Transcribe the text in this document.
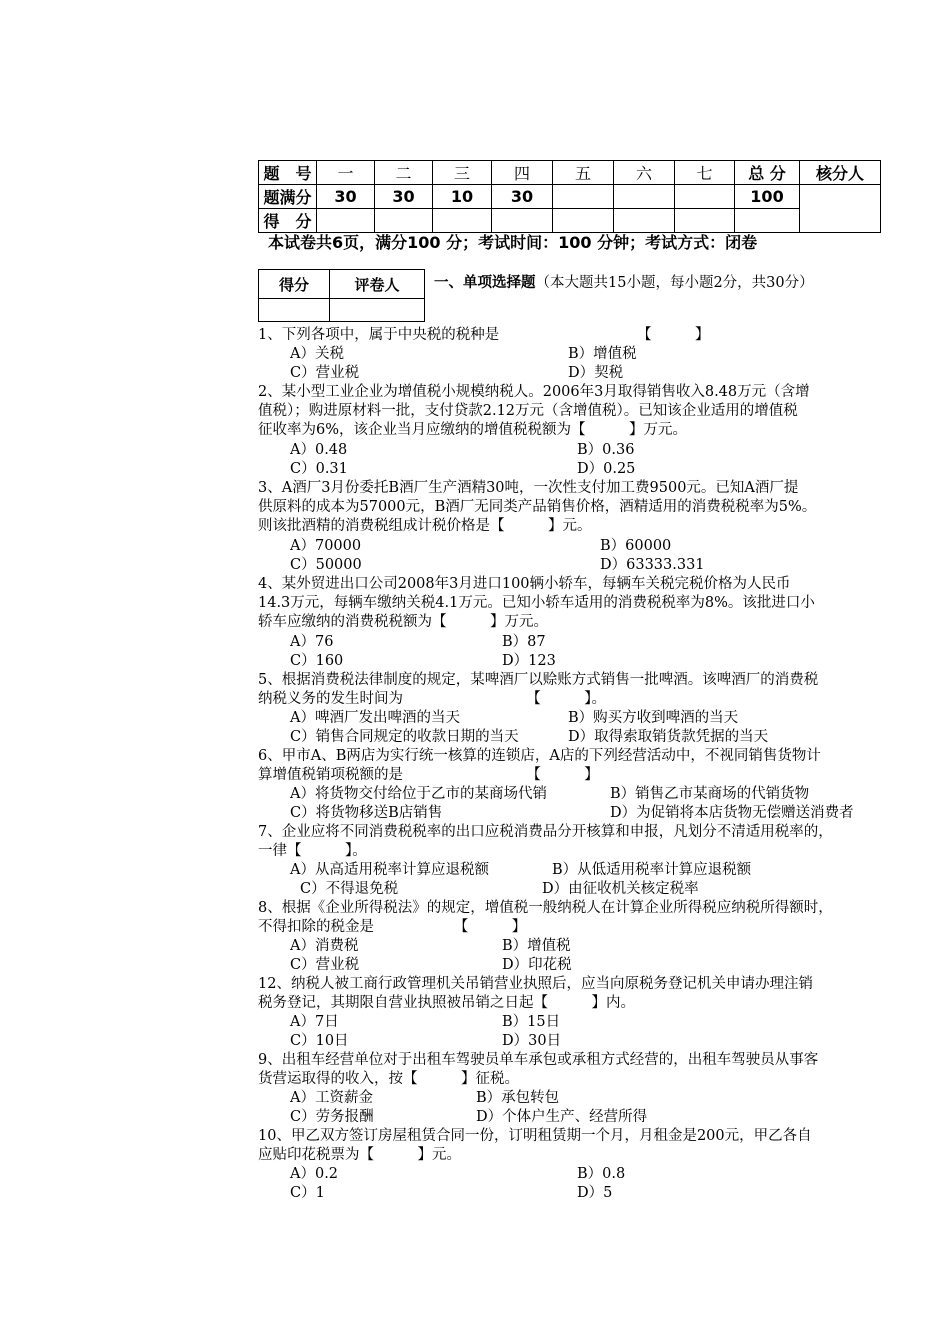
题　号	一	二	三	四	五	六	七	总 分	核分人
题满分	30	30	10	30				100	
得　分									
本试卷共6页，满分100 分；考试时间：100 分钟；考试方式：闭卷
得分	评卷人
	一、单项选择题（本大题共15小题，每小题2分，共30分）
1、下列各项中，属于中央税的税种是　　　　　　　　　　【　　　】
A）关税	B）增值税
C）营业税	D）契税
2、某小型工业企业为增值税小规模纳税人。2006年3月取得销售收入8.48万元（含增
值税）；购进原材料一批，支付贷款2.12万元（含增值税）。已知该企业适用的增值税
征收率为6%，该企业当月应缴纳的增值税税额为【　　　】万元。
A）0.48	B）0.36
C）0.31	D）0.25
3、A酒厂3月份委托B酒厂生产酒精30吨，一次性支付加工费9500元。已知A酒厂提
供原料的成本为57000元，B酒厂无同类产品销售价格，酒精适用的消费税税率为5%。
则该批酒精的消费税组成计税价格是【　　　】元。
A）70000	B）60000
C）50000	D）63333.331
4、某外贸进出口公司2008年3月进口100辆小轿车，每辆车关税完税价格为人民币
14.3万元，每辆车缴纳关税4.1万元。已知小轿车适用的消费税税率为8%。该批进口小
轿车应缴纳的消费税税额为【　　　】万元。
A）76	B）87
C）160	D）123
5、根据消费税法律制度的规定，某啤酒厂以赊账方式销售一批啤酒。该啤酒厂的消费税
纳税义务的发生时间为　　　　　　　　　【　　　】。
A）啤酒厂发出啤酒的当天	B）购买方收到啤酒的当天
C）销售合同规定的收款日期的当天	D）取得索取销货款凭据的当天
6、甲市A、B两店为实行统一核算的连锁店，A店的下列经营活动中，不视同销售货物计
算增值税销项税额的是　　　　　　　　　【　　　】
A）将货物交付给位于乙市的某商场代销	B）销售乙市某商场的代销货物
C）将货物移送B店销售	D）为促销将本店货物无偿赠送消费者
7、企业应将不同消费税税率的出口应税消费品分开核算和申报，凡划分不清适用税率的，
一律【　　　】。
A）从高适用税率计算应退税额	B）从低适用税率计算应退税额
C）不得退免税	D）由征收机关核定税率
8、根据《企业所得税法》的规定，增值税一般纳税人在计算企业所得税应纳税所得额时，
不得扣除的税金是　　　　　　【　　　】
A）消费税	B）增值税
C）营业税	D）印花税
12、纳税人被工商行政管理机关吊销营业执照后，应当向原税务登记机关申请办理注销
税务登记，其期限自营业执照被吊销之日起【　　　】内。
A）7日	B）15日
C）10日	D）30日
9、出租车经营单位对于出租车驾驶员单车承包或承租方式经营的，出租车驾驶员从事客
货营运取得的收入，按【　　　】征税。
A）工资薪金	B）承包转包
C）劳务报酬	D）个体户生产、经营所得
10、甲乙双方签订房屋租赁合同一份，订明租赁期一个月，月租金是200元，甲乙各自
应贴印花税票为【　　　】元。
A）0.2	B）0.8
C）1	D）5
